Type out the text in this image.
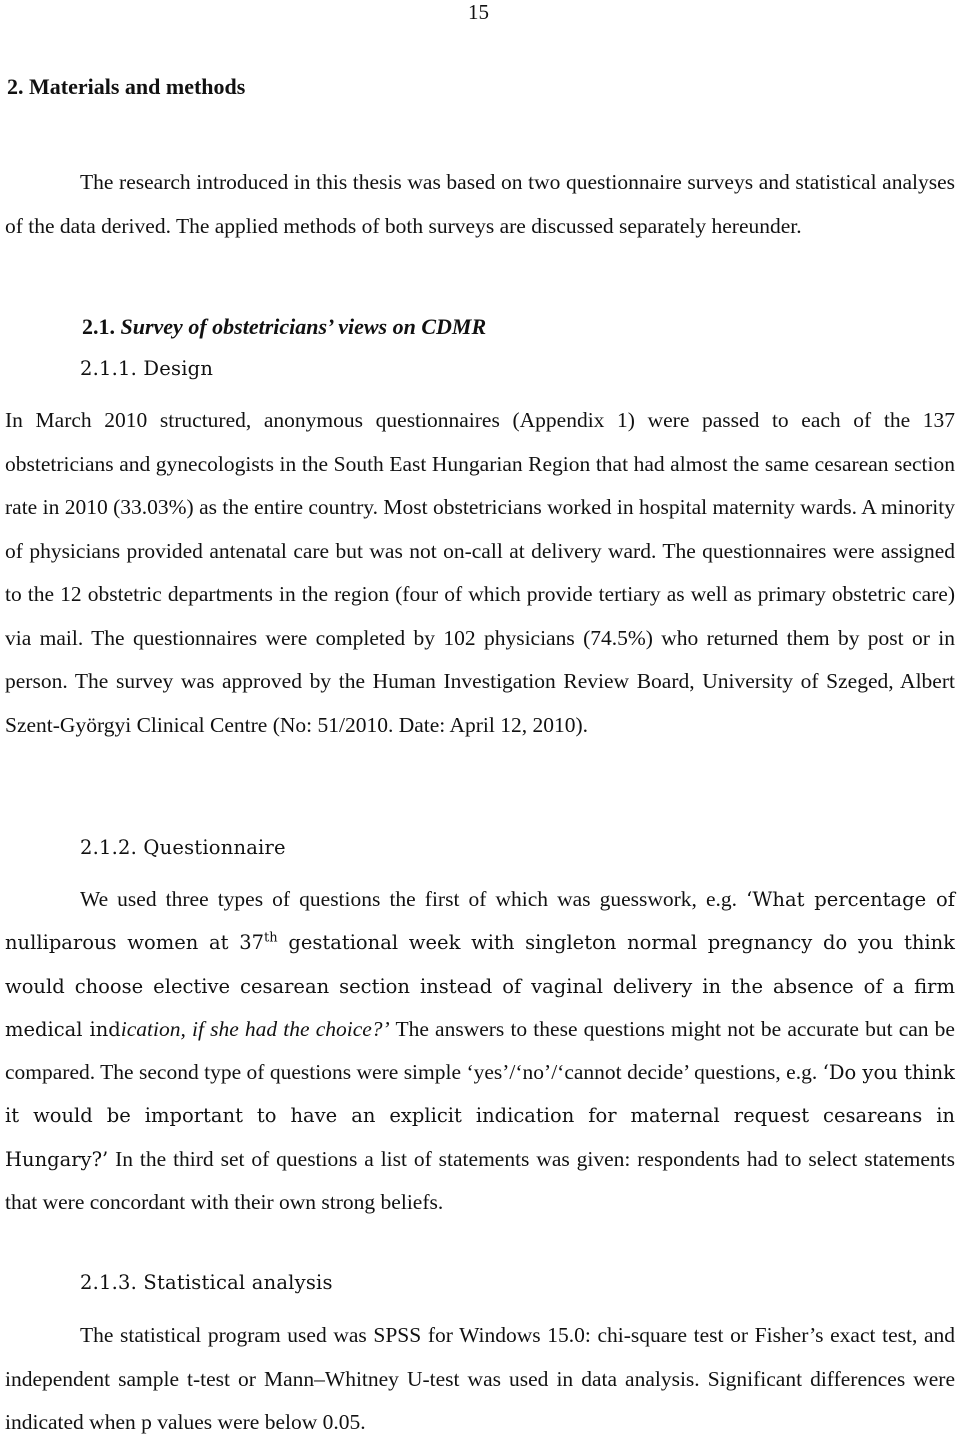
15
2. Materials and methods

The research introduced in this thesis was based on two questionnaire surveys and statistical analyses of the data derived. The applied methods of both surveys are discussed separately hereunder.

2.1. Survey of obstetricians’ views on CDMR
2.1.1. Design

In March 2010 structured, anonymous questionnaires (Appendix 1) were passed to each of the 137 obstetricians and gynecologists in the South East Hungarian Region that had almost the same cesarean section rate in 2010 (33.03%) as the entire country. Most obstetricians worked in hospital maternity wards. A minority of physicians provided antenatal care but was not on-call at delivery ward. The questionnaires were assigned to the 12 obstetric departments in the region (four of which provide tertiary as well as primary obstetric care) via mail. The questionnaires were completed by 102 physicians (74.5%) who returned them by post or in person. The survey was approved by the Human Investigation Review Board, University of Szeged, Albert Szent-Györgyi Clinical Centre (No: 51/2010. Date: April 12, 2010).

2.1.2. Questionnaire

We used three types of questions the first of which was guesswork, e.g. ‘What percentage of nulliparous women at 37th gestational week with singleton normal pregnancy do you think would choose elective cesarean section instead of vaginal delivery in the absence of a firm medical indication, if she had the choice?’ The answers to these questions might not be accurate but can be compared. The second type of questions were simple ‘yes’/‘no’/‘cannot decide’ questions, e.g. ‘Do you think it would be important to have an explicit indication for maternal request cesareans in Hungary?’ In the third set of questions a list of statements was given: respondents had to select statements that were concordant with their own strong beliefs.

2.1.3. Statistical analysis

The statistical program used was SPSS for Windows 15.0: chi-square test or Fisher’s exact test, and independent sample t-test or Mann–Whitney U-test was used in data analysis. Significant differences were indicated when p values were below 0.05.
